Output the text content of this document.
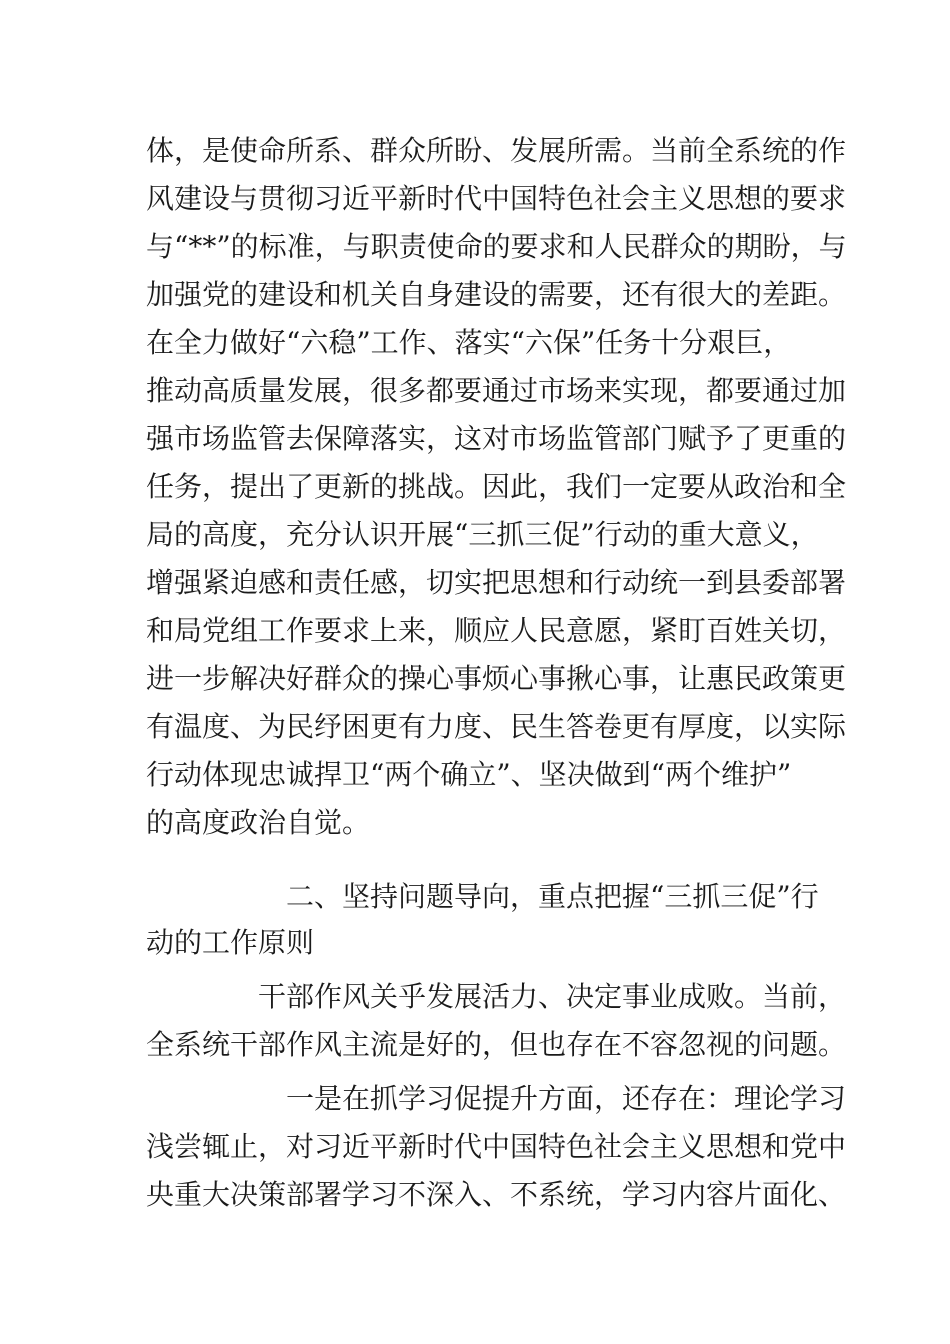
体，是使命所系、群众所盼、发展所需。当前全系统的作
风建设与贯彻习近平新时代中国特色社会主义思想的要求
与“**”的标准，与职责使命的要求和人民群众的期盼，与
加强党的建设和机关自身建设的需要，还有很大的差距。
在全力做好“六稳”工作、落实“六保”任务十分艰巨，
推动高质量发展，很多都要通过市场来实现，都要通过加
强市场监管去保障落实，这对市场监管部门赋予了更重的
任务，提出了更新的挑战。因此，我们一定要从政治和全
局的高度，充分认识开展“三抓三促”行动的重大意义，
增强紧迫感和责任感，切实把思想和行动统一到县委部署
和局党组工作要求上来，顺应人民意愿，紧盯百姓关切，
进一步解决好群众的操心事烦心事揪心事，让惠民政策更
有温度、为民纾困更有力度、民生答卷更有厚度，以实际
行动体现忠诚捍卫“两个确立”、坚决做到“两个维护”
的高度政治自觉。
二、坚持问题导向，重点把握“三抓三促”行
动的工作原则
干部作风关乎发展活力、决定事业成败。当前，
全系统干部作风主流是好的，但也存在不容忽视的问题。
一是在抓学习促提升方面，还存在：理论学习
浅尝辄止，对习近平新时代中国特色社会主义思想和党中
央重大决策部署学习不深入、不系统，学习内容片面化、
